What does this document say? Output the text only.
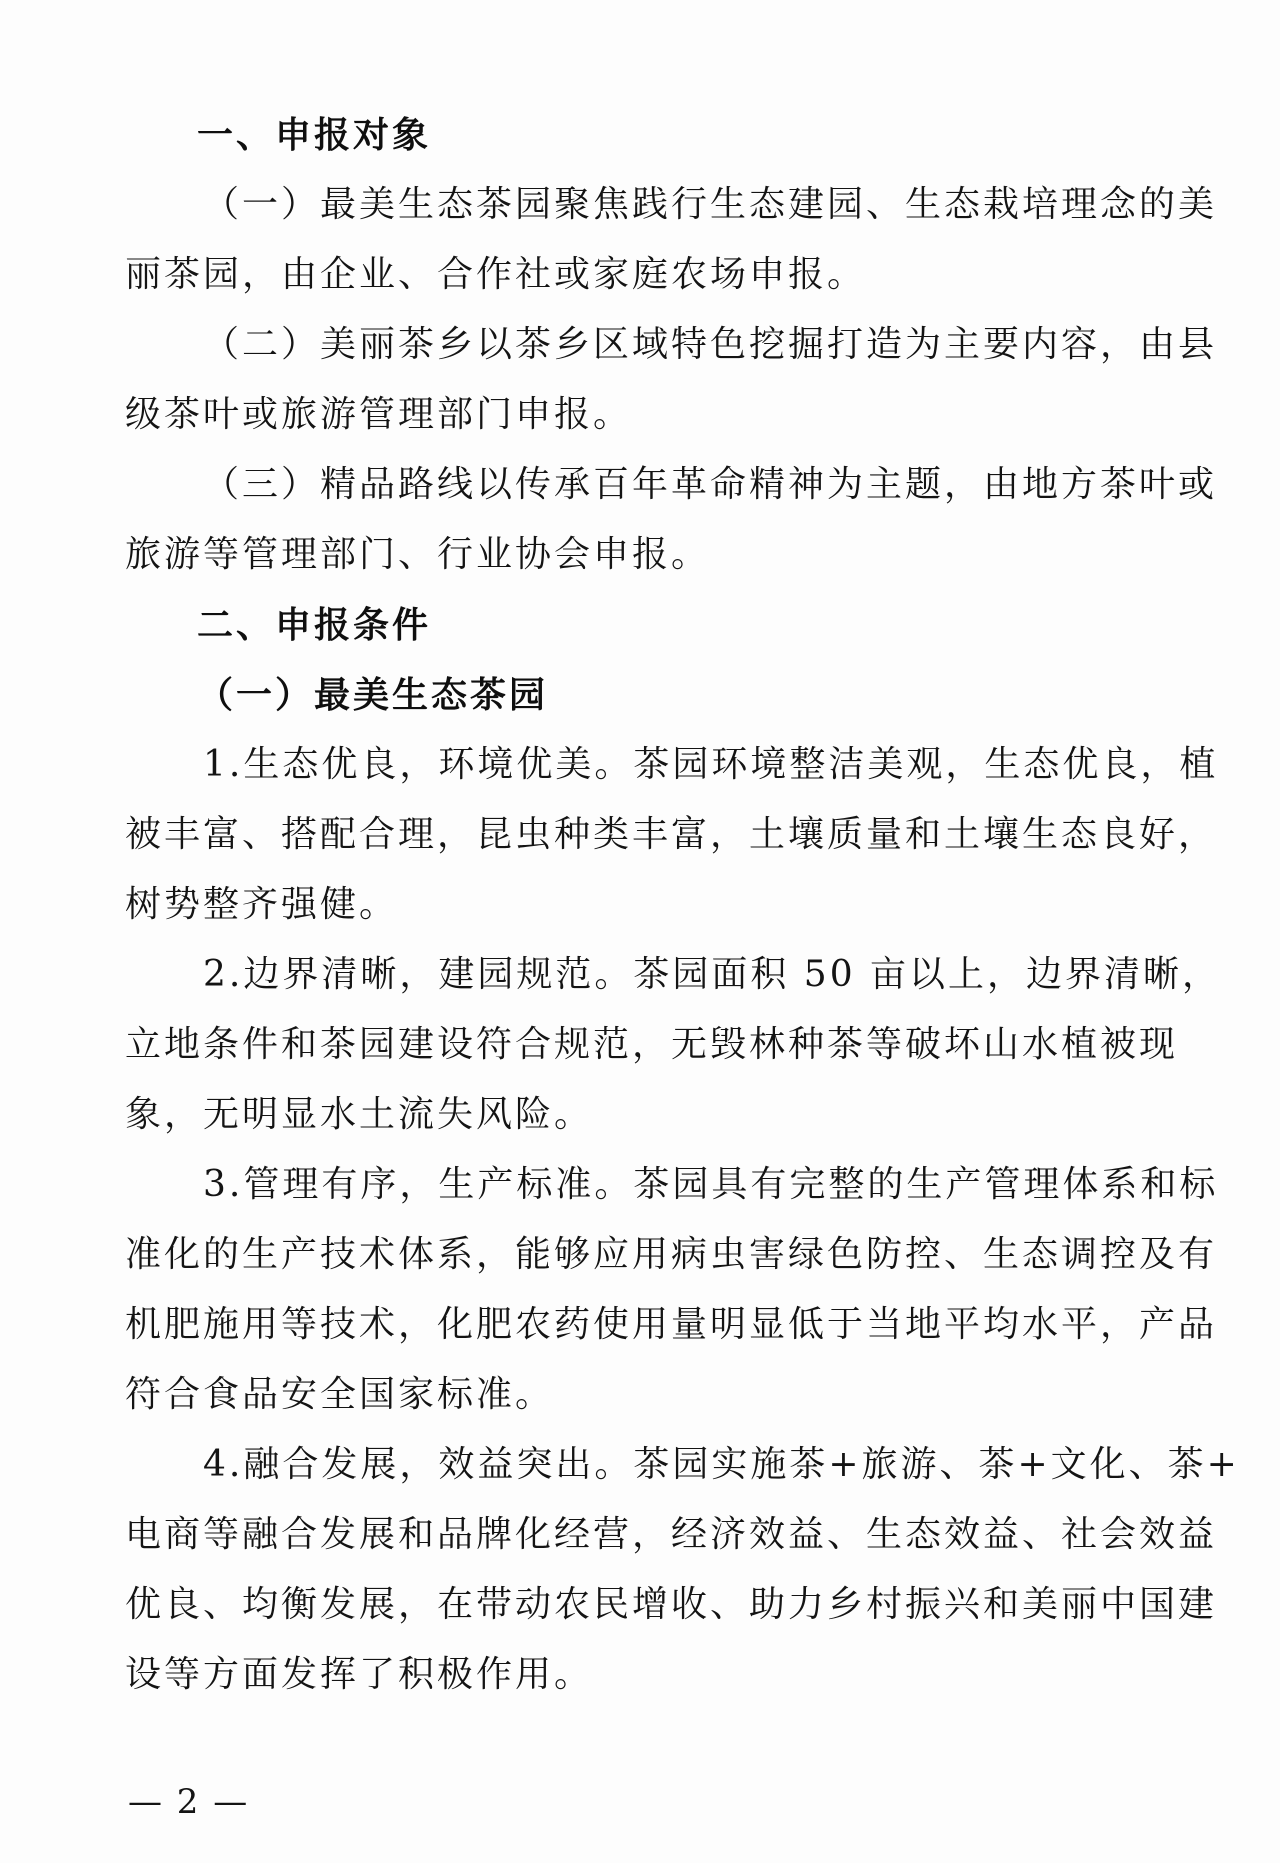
一、申报对象
（一）最美生态茶园聚焦践行生态建园、生态栽培理念的美
丽茶园，由企业、合作社或家庭农场申报。
（二）美丽茶乡以茶乡区域特色挖掘打造为主要内容，由县
级茶叶或旅游管理部门申报。
（三）精品路线以传承百年革命精神为主题，由地方茶叶或
旅游等管理部门、行业协会申报。
二、申报条件
（一）最美生态茶园
1.生态优良，环境优美。茶园环境整洁美观，生态优良，植
被丰富、搭配合理，昆虫种类丰富，土壤质量和土壤生态良好，
树势整齐强健。
2.边界清晰，建园规范。茶园面积 50 亩以上，边界清晰，
立地条件和茶园建设符合规范，无毁林种茶等破坏山水植被现
象，无明显水土流失风险。
3.管理有序，生产标准。茶园具有完整的生产管理体系和标
准化的生产技术体系，能够应用病虫害绿色防控、生态调控及有
机肥施用等技术，化肥农药使用量明显低于当地平均水平，产品
符合食品安全国家标准。
4.融合发展，效益突出。茶园实施茶+旅游、茶+文化、茶+
电商等融合发展和品牌化经营，经济效益、生态效益、社会效益
优良、均衡发展，在带动农民增收、助力乡村振兴和美丽中国建
设等方面发挥了积极作用。
— 2 —
